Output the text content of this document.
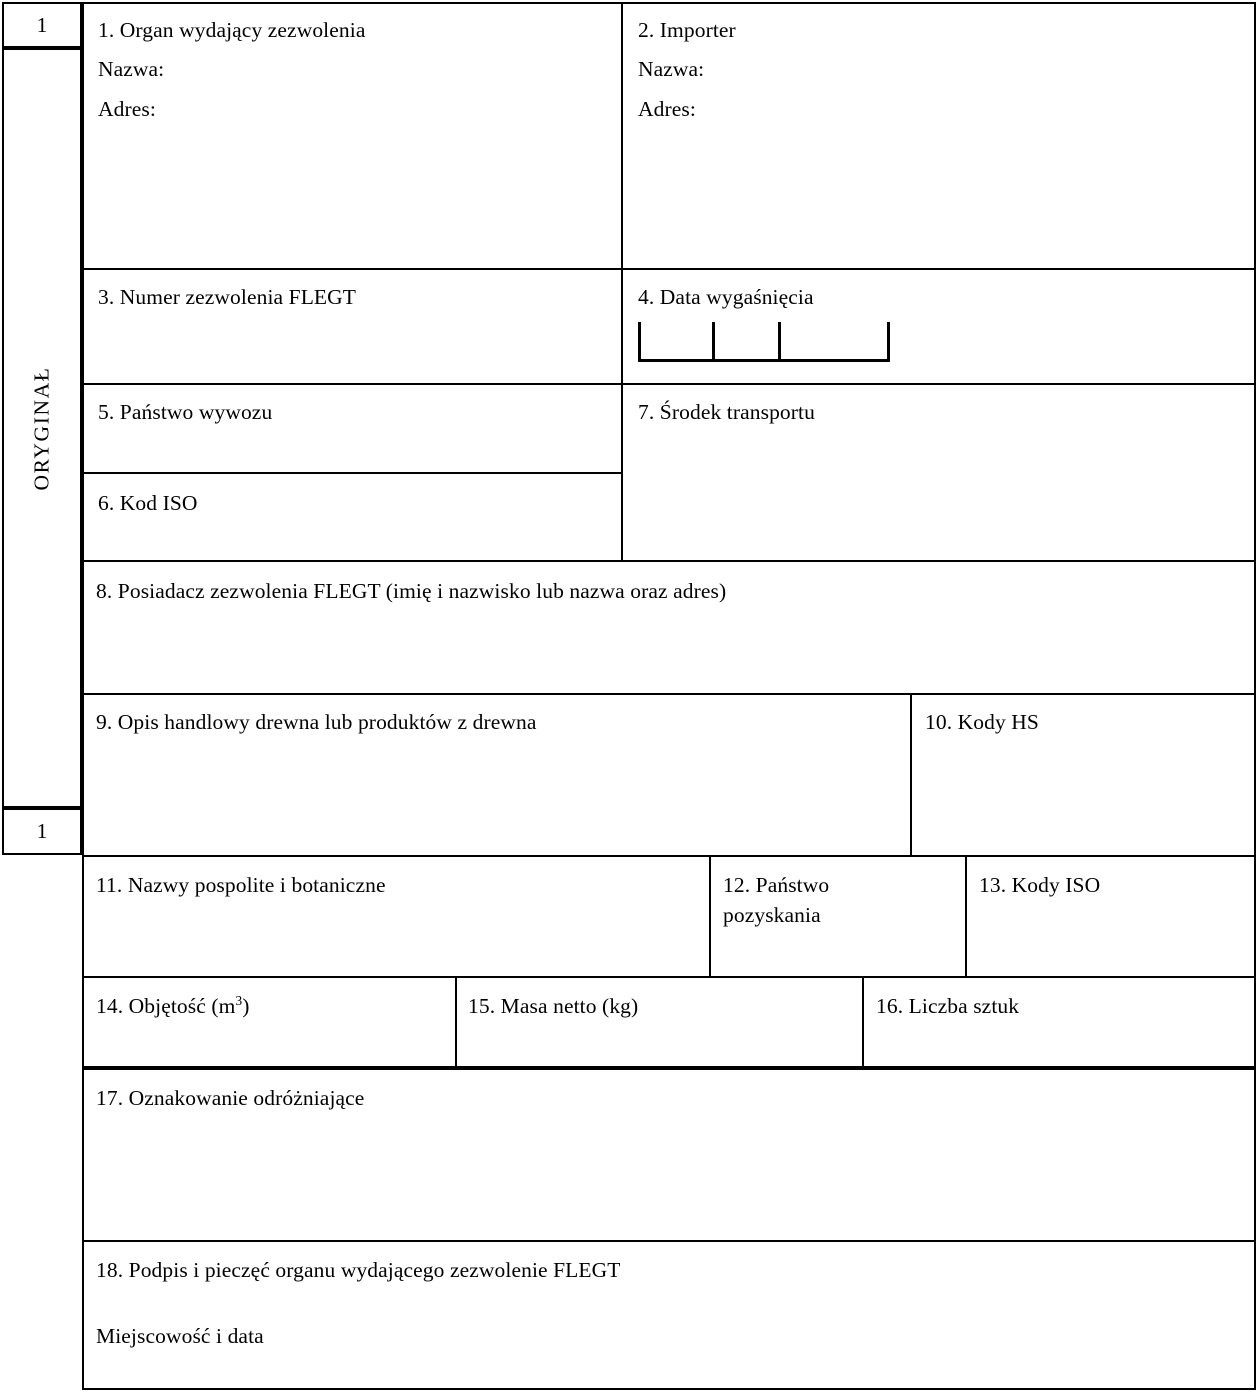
1
ORYGINAŁ
1
1. Organ wydający zezwolenia
Nazwa:
Adres:
2. Importer
Nazwa:
Adres:
3. Numer zezwolenia FLEGT	4. Data wygaśnięcia
5. Państwo wywozu
6. Kod ISO
7. Środek transportu
8. Posiadacz zezwolenia FLEGT (imię i nazwisko lub nazwa oraz adres)
9. Opis handlowy drewna lub produktów z drewna	10. Kody HS
11. Nazwy pospolite i botaniczne	12. Państwo
pozyskania
13. Kody ISO
14. Objętość $(m^3)$	15. Masa netto (kg)	16. Liczba sztuk
17. Oznakowanie odróżniające
18. Podpis i pieczęć organu wydającego zezwolenie FLEGT
Miejscowość i data
